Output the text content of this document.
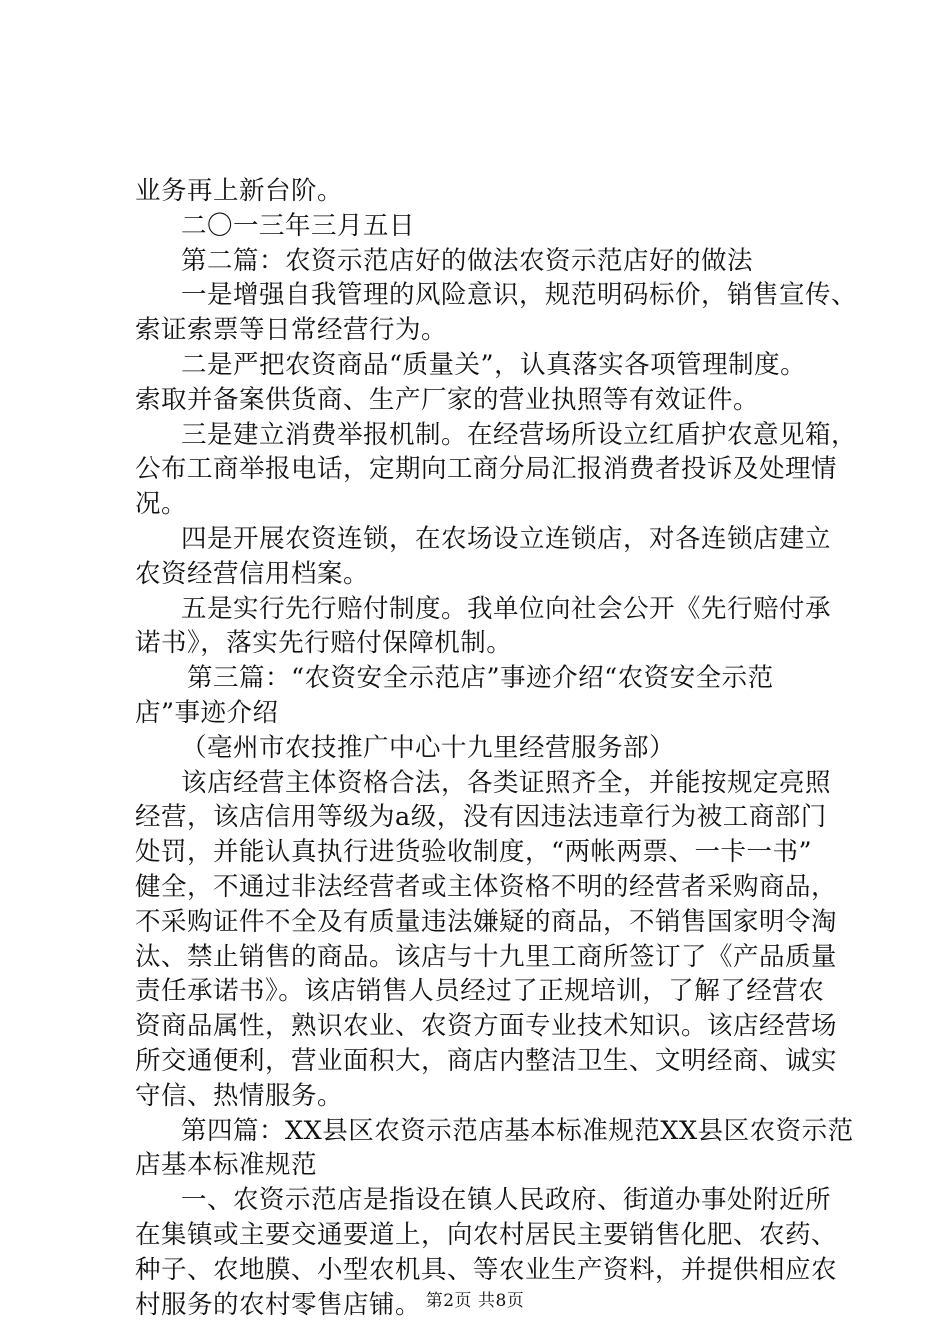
业务再上新台阶。
二〇一三年三月五日
第二篇：农资示范店好的做法农资示范店好的做法
一是增强自我管理的风险意识，规范明码标价，销售宣传、
索证索票等日常经营行为。
二是严把农资商品“质量关”，认真落实各项管理制度。
索取并备案供货商、生产厂家的营业执照等有效证件。
三是建立消费举报机制。在经营场所设立红盾护农意见箱，
公布工商举报电话，定期向工商分局汇报消费者投诉及处理情
况。
四是开展农资连锁，在农场设立连锁店，对各连锁店建立
农资经营信用档案。
五是实行先行赔付制度。我单位向社会公开《先行赔付承
诺书》，落实先行赔付保障机制。
第三篇：“农资安全示范店”事迹介绍“农资安全示范
店”事迹介绍
（亳州市农技推广中心十九里经营服务部）
该店经营主体资格合法，各类证照齐全，并能按规定亮照
经营，该店信用等级为a级，没有因违法违章行为被工商部门
处罚，并能认真执行进货验收制度，“两帐两票、一卡一书”
健全，不通过非法经营者或主体资格不明的经营者采购商品，
不采购证件不全及有质量违法嫌疑的商品，不销售国家明令淘
汰、禁止销售的商品。该店与十九里工商所签订了《产品质量
责任承诺书》。该店销售人员经过了正规培训，了解了经营农
资商品属性，熟识农业、农资方面专业技术知识。该店经营场
所交通便利，营业面积大，商店内整洁卫生、文明经商、诚实
守信、热情服务。
第四篇：XX县区农资示范店基本标准规范XX县区农资示范
店基本标准规范
一、农资示范店是指设在镇人民政府、街道办事处附近所
在集镇或主要交通要道上，向农村居民主要销售化肥、农药、
种子、农地膜、小型农机具、等农业生产资料，并提供相应农
村服务的农村零售店铺。 第2页 共8页
